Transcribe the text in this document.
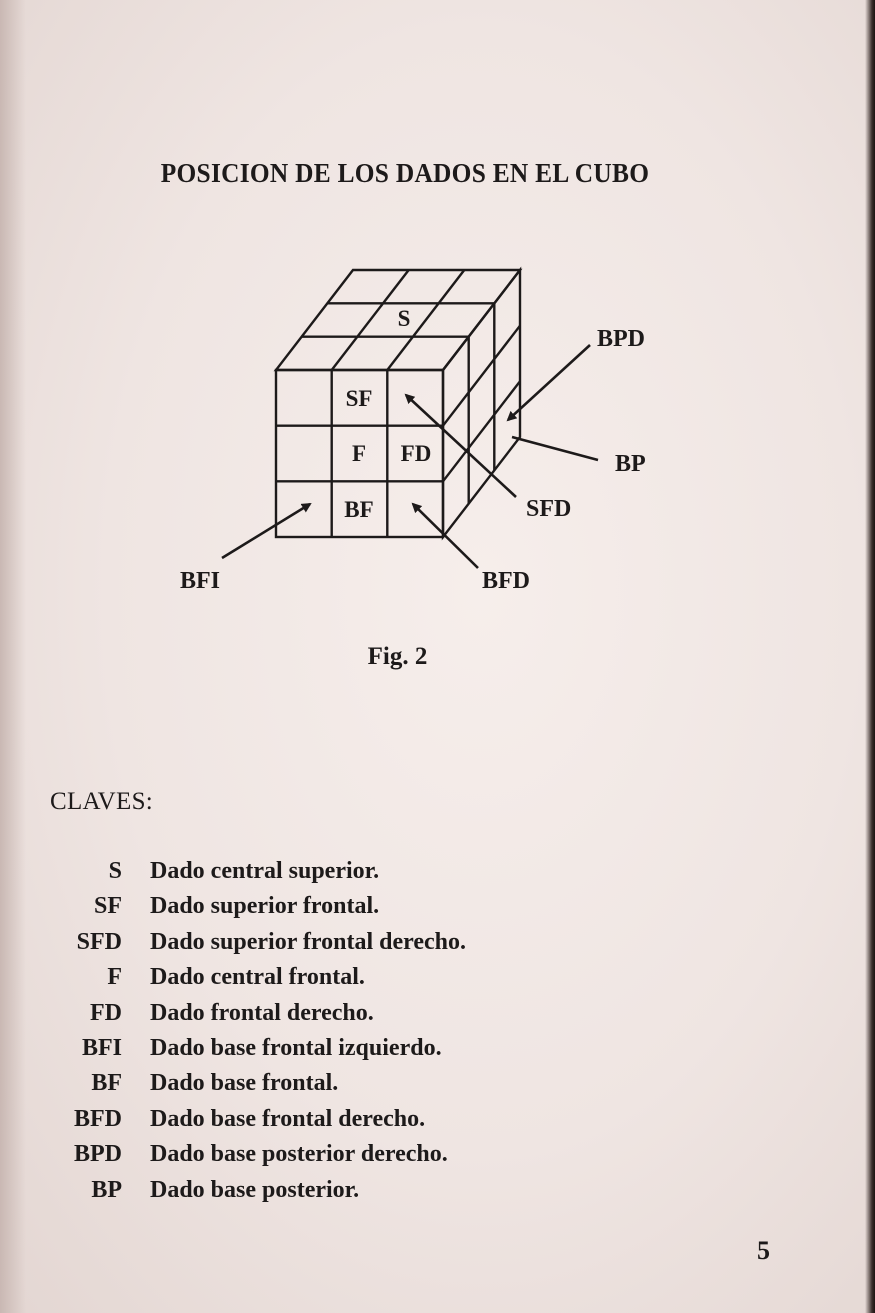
POSICION DE LOS DADOS EN EL CUBO
S
SF
F FD
BF
BPD
BP
SFD
BFI	BFD
Fig. 2
CLAVES:
S	Dado central superior.
SF	Dado superior frontal.
SFD	Dado superior frontal derecho.
F	Dado central frontal.
FD	Dado frontal derecho.
BFI	Dado base frontal izquierdo.
BF	Dado base frontal.
BFD	Dado base frontal derecho.
BPD	Dado base posterior derecho.
BP	Dado base posterior.
5
